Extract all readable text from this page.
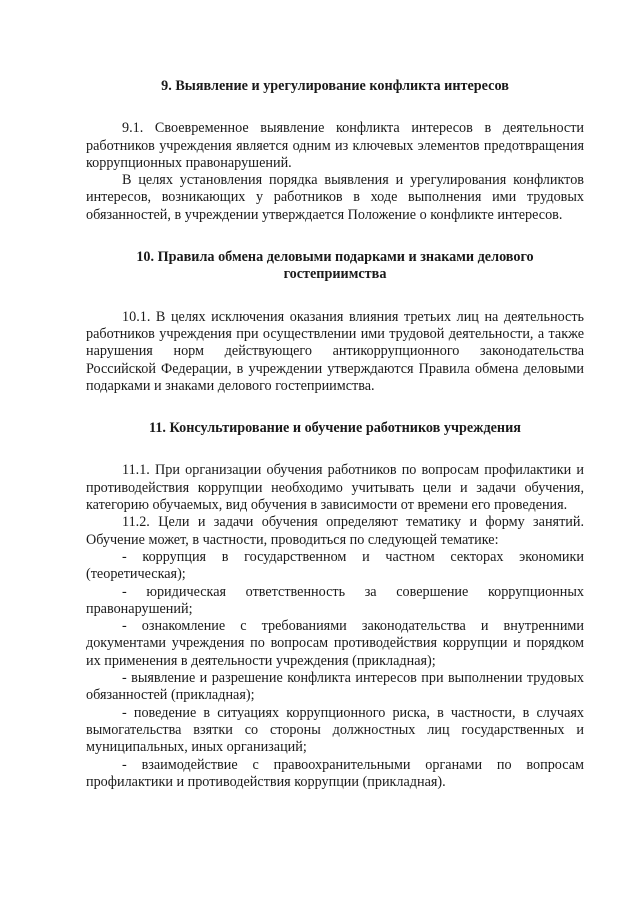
9. Выявление и урегулирование конфликта интересов

9.1. Своевременное выявление конфликта интересов в деятельности работников учреждения является одним из ключевых элементов предотвращения коррупционных правонарушений.

В целях установления порядка выявления и урегулирования конфликтов интересов, возникающих у работников в ходе выполнения ими трудовых обязанностей, в учреждении утверждается Положение о конфликте интересов.

10. Правила обмена деловыми подарками и знаками делового
гостеприимства

10.1. В целях исключения оказания влияния третьих лиц на деятельность работников учреждения при осуществлении ими трудовой деятельности, а также нарушения норм действующего антикоррупционного законодательства Российской Федерации, в учреждении утверждаются Правила обмена деловыми подарками и знаками делового гостеприимства.

11. Консультирование и обучение работников учреждения

11.1. При организации обучения работников по вопросам профилактики и противодействия коррупции необходимо учитывать цели и задачи обучения, категорию обучаемых, вид обучения в зависимости от времени его проведения.

11.2. Цели и задачи обучения определяют тематику и форму занятий. Обучение может, в частности, проводиться по следующей тематике:

- коррупция в государственном и частном секторах экономики (теоретическая);

- юридическая ответственность за совершение коррупционных правонарушений;

- ознакомление с требованиями законодательства и внутренними документами учреждения по вопросам противодействия коррупции и порядком их применения в деятельности учреждения (прикладная);

- выявление и разрешение конфликта интересов при выполнении трудовых обязанностей (прикладная);

- поведение в ситуациях коррупционного риска, в частности, в случаях вымогательства взятки со стороны должностных лиц государственных и муниципальных, иных организаций;

- взаимодействие с правоохранительными органами по вопросам профилактики и противодействия коррупции (прикладная).
